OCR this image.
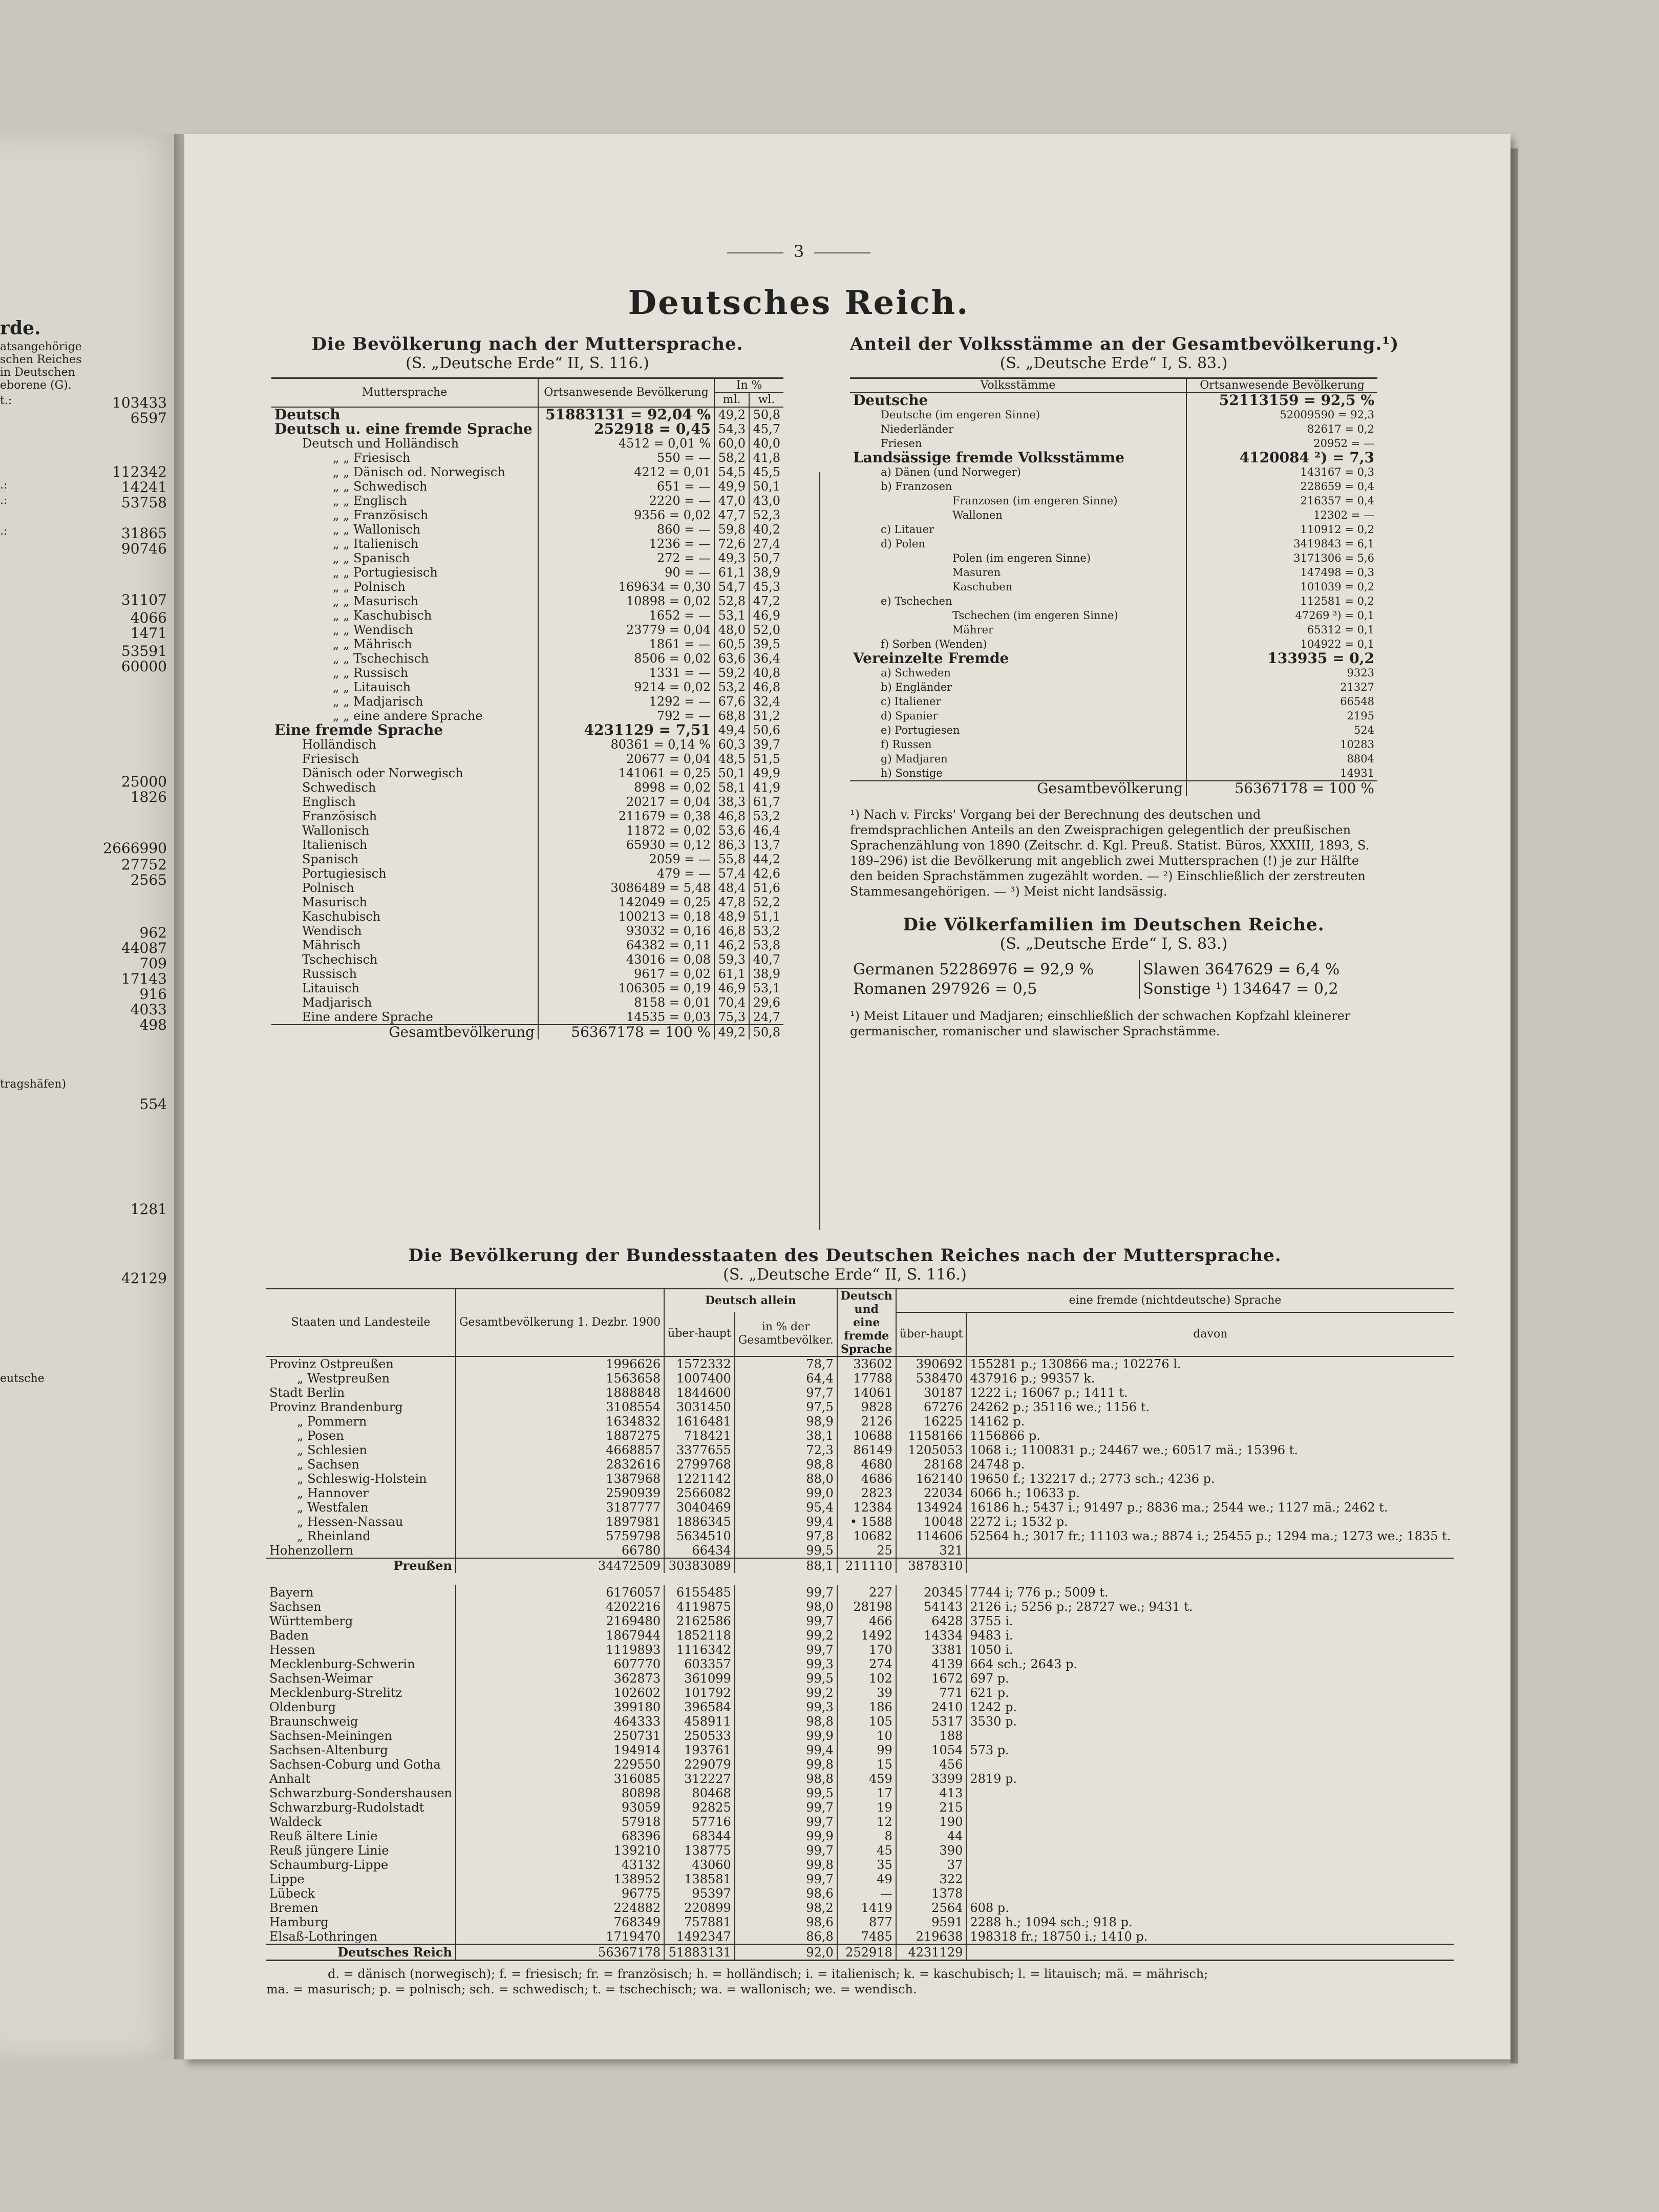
rde.
atsangehörige
schen Reiches
in Deutschen
eborene (G).
t.:	103433
6597
112342
.:	14241
.:	53758
.:	31865
90746
31107
4066
1471
53591
60000
25000
1826
2666990
27752
2565
962
44087
709
17143
916
4033
498
tragshäfen)
554
1281
42129
eutsche
3
Deutsches Reich.
Die Bevölkerung nach der Muttersprache.
(S. „Deutsche Erde“ II, S. 116.)
Muttersprache	Ortsanwesende Bevölkerung	In %	
		ml.	wl.
Deutsch	51883131 = 92,04 %	49,2	50,8
Deutsch u. eine fremde Sprache	252918 = 0,45	54,3	45,7
Deutsch und Holländisch	4512 = 0,01 %	60,0	40,0
„ „ Friesisch	550 = —	58,2	41,8
„ „ Dänisch od. Norwegisch	4212 = 0,01	54,5	45,5
„ „ Schwedisch	651 = —	49,9	50,1
„ „ Englisch	2220 = —	47,0	43,0
„ „ Französisch	9356 = 0,02	47,7	52,3
„ „ Wallonisch	860 = —	59,8	40,2
„ „ Italienisch	1236 = —	72,6	27,4
„ „ Spanisch	272 = —	49,3	50,7
„ „ Portugiesisch	90 = —	61,1	38,9
„ „ Polnisch	169634 = 0,30	54,7	45,3
„ „ Masurisch	10898 = 0,02	52,8	47,2
„ „ Kaschubisch	1652 = —	53,1	46,9
„ „ Wendisch	23779 = 0,04	48,0	52,0
„ „ Mährisch	1861 = —	60,5	39,5
„ „ Tschechisch	8506 = 0,02	63,6	36,4
„ „ Russisch	1331 = —	59,2	40,8
„ „ Litauisch	9214 = 0,02	53,2	46,8
„ „ Madjarisch	1292 = —	67,6	32,4
„ „ eine andere Sprache	792 = —	68,8	31,2
Eine fremde Sprache	4231129 = 7,51	49,4	50,6
Holländisch	80361 = 0,14 %	60,3	39,7
Friesisch	20677 = 0,04	48,5	51,5
Dänisch oder Norwegisch	141061 = 0,25	50,1	49,9
Schwedisch	8998 = 0,02	58,1	41,9
Englisch	20217 = 0,04	38,3	61,7
Französisch	211679 = 0,38	46,8	53,2
Wallonisch	11872 = 0,02	53,6	46,4
Italienisch	65930 = 0,12	86,3	13,7
Spanisch	2059 = —	55,8	44,2
Portugiesisch	479 = —	57,4	42,6
Polnisch	3086489 = 5,48	48,4	51,6
Masurisch	142049 = 0,25	47,8	52,2
Kaschubisch	100213 = 0,18	48,9	51,1
Wendisch	93032 = 0,16	46,8	53,2
Mährisch	64382 = 0,11	46,2	53,8
Tschechisch	43016 = 0,08	59,3	40,7
Russisch	9617 = 0,02	61,1	38,9
Litauisch	106305 = 0,19	46,9	53,1
Madjarisch	8158 = 0,01	70,4	29,6
Eine andere Sprache	14535 = 0,03	75,3	24,7
Gesamtbevölkerung	56367178 = 100 %	49,2	50,8
Anteil der Volksstämme an der Gesamtbevölkerung.¹)
(S. „Deutsche Erde“ I, S. 83.)
Volksstämme	Ortsanwesende Bevölkerung
Deutsche	52113159 = 92,5 %
Deutsche (im engeren Sinne)	52009590 = 92,3
Niederländer	82617 = 0,2
Friesen	20952 = —
Landsässige fremde Volksstämme	4120084 ²) = 7,3
a) Dänen (und Norweger)	143167 = 0,3
b) Franzosen	228659 = 0,4
Franzosen (im engeren Sinne)	216357 = 0,4
Wallonen	12302 = —
c) Litauer	110912 = 0,2
d) Polen	3419843 = 6,1
Polen (im engeren Sinne)	3171306 = 5,6
Masuren	147498 = 0,3
Kaschuben	101039 = 0,2
e) Tschechen	112581 = 0,2
Tschechen (im engeren Sinne)	47269 ³) = 0,1
Mährer	65312 = 0,1
f) Sorben (Wenden)	104922 = 0,1
Vereinzelte Fremde	133935 = 0,2
a) Schweden	9323
b) Engländer	21327
c) Italiener	66548
d) Spanier	2195
e) Portugiesen	524
f) Russen	10283
g) Madjaren	8804
h) Sonstige	14931
Gesamtbevölkerung	56367178 = 100 %
¹) Nach v. Fircks' Vorgang bei der Berechnung des deutschen und fremdsprachlichen Anteils an den Zweisprachigen gelegentlich der preußischen Sprachenzählung von 1890 (Zeitschr. d. Kgl. Preuß. Statist. Büros, XXXIII, 1893, S. 189–296) ist die Bevölkerung mit angeblich zwei Muttersprachen (!) je zur Hälfte den beiden Sprachstämmen zugezählt worden. — ²) Einschließlich der zerstreuten Stammesangehörigen. — ³) Meist nicht landsässig.
Die Völkerfamilien im Deutschen Reiche.
(S. „Deutsche Erde“ I, S. 83.)
Germanen 52286976 = 92,9 %	Slawen 3647629 = 6,4 %
Romanen 297926 = 0,5	Sonstige ¹) 134647 = 0,2
¹) Meist Litauer und Madjaren; einschließlich der schwachen Kopfzahl kleinerer germanischer, romanischer und slawischer Sprachstämme.
Die Bevölkerung der Bundesstaaten des Deutschen Reiches nach der Muttersprache.
(S. „Deutsche Erde“ II, S. 116.)
Staaten und Landesteile	Gesamtbevölkerung 1. Dezbr. 1900	Deutsch allein		Deutsch und eine fremde Sprache	eine fremde (nichtdeutsche) Sprache	
		über-haupt	in % der Gesamtbevölker.		über-haupt	davon
Provinz Ostpreußen	1996626	1572332	78,7	33602	390692	155281 p.; 130866 ma.; 102276 l.
„ Westpreußen	1563658	1007400	64,4	17788	538470	437916 p.; 99357 k.
Stadt Berlin	1888848	1844600	97,7	14061	30187	1222 i.; 16067 p.; 1411 t.
Provinz Brandenburg	3108554	3031450	97,5	9828	67276	24262 p.; 35116 we.; 1156 t.
„ Pommern	1634832	1616481	98,9	2126	16225	14162 p.
„ Posen	1887275	718421	38,1	10688	1158166	1156866 p.
„ Schlesien	4668857	3377655	72,3	86149	1205053	1068 i.; 1100831 p.; 24467 we.; 60517 mä.; 15396 t.
„ Sachsen	2832616	2799768	98,8	4680	28168	24748 p.
„ Schleswig-Holstein	1387968	1221142	88,0	4686	162140	19650 f.; 132217 d.; 2773 sch.; 4236 p.
„ Hannover	2590939	2566082	99,0	2823	22034	6066 h.; 10633 p.
„ Westfalen	3187777	3040469	95,4	12384	134924	16186 h.; 5437 i.; 91497 p.; 8836 ma.; 2544 we.; 1127 mä.; 2462 t.
„ Hessen-Nassau	1897981	1886345	99,4	• 1588	10048	2272 i.; 1532 p.
„ Rheinland	5759798	5634510	97,8	10682	114606	52564 h.; 3017 fr.; 11103 wa.; 8874 i.; 25455 p.; 1294 ma.; 1273 we.; 1835 t.
Hohenzollern	66780	66434	99,5	25	321	
Preußen	34472509	30383089	88,1	211110	3878310	

Bayern	6176057	6155485	99,7	227	20345	7744 i; 776 p.; 5009 t.
Sachsen	4202216	4119875	98,0	28198	54143	2126 i.; 5256 p.; 28727 we.; 9431 t.
Württemberg	2169480	2162586	99,7	466	6428	3755 i.
Baden	1867944	1852118	99,2	1492	14334	9483 i.
Hessen	1119893	1116342	99,7	170	3381	1050 i.
Mecklenburg-Schwerin	607770	603357	99,3	274	4139	664 sch.; 2643 p.
Sachsen-Weimar	362873	361099	99,5	102	1672	697 p.
Mecklenburg-Strelitz	102602	101792	99,2	39	771	621 p.
Oldenburg	399180	396584	99,3	186	2410	1242 p.
Braunschweig	464333	458911	98,8	105	5317	3530 p.
Sachsen-Meiningen	250731	250533	99,9	10	188	
Sachsen-Altenburg	194914	193761	99,4	99	1054	573 p.
Sachsen-Coburg und Gotha	229550	229079	99,8	15	456	
Anhalt	316085	312227	98,8	459	3399	2819 p.
Schwarzburg-Sondershausen	80898	80468	99,5	17	413	
Schwarzburg-Rudolstadt	93059	92825	99,7	19	215	
Waldeck	57918	57716	99,7	12	190	
Reuß ältere Linie	68396	68344	99,9	8	44	
Reuß jüngere Linie	139210	138775	99,7	45	390	
Schaumburg-Lippe	43132	43060	99,8	35	37	
Lippe	138952	138581	99,7	49	322	
Lübeck	96775	95397	98,6	—	1378	
Bremen	224882	220899	98,2	1419	2564	608 p.
Hamburg	768349	757881	98,6	877	9591	2288 h.; 1094 sch.; 918 p.
Elsaß-Lothringen	1719470	1492347	86,8	7485	219638	198318 fr.; 18750 i.; 1410 p.
Deutsches Reich	56367178	51883131	92,0	252918	4231129	
d. = dänisch (norwegisch); f. = friesisch; fr. = französisch; h. = holländisch; i. = italienisch; k. = kaschubisch; l. = litauisch; mä. = mährisch;
ma. = masurisch; p. = polnisch; sch. = schwedisch; t. = tschechisch; wa. = wallonisch; we. = wendisch.
